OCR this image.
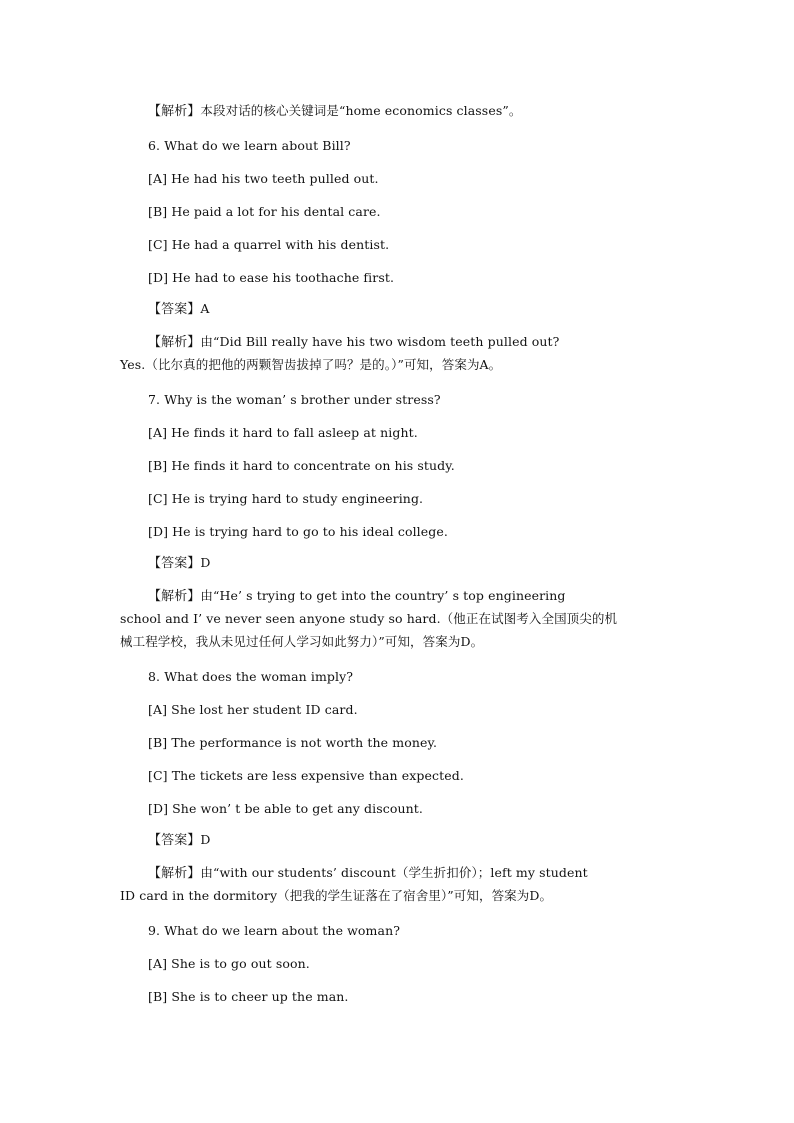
【解析】本段对话的核心关键词是“home economics classes”。
6. What do we learn about Bill?
[A] He had his two teeth pulled out.
[B] He paid a lot for his dental care.
[C] He had a quarrel with his dentist.
[D] He had to ease his toothache first.
【答案】A
【解析】由“Did Bill really have his two wisdom teeth pulled out?
Yes.（比尔真的把他的两颗智齿拔掉了吗？是的。）”可知，答案为A。
7. Why is the woman’ s brother under stress?
[A] He finds it hard to fall asleep at night.
[B] He finds it hard to concentrate on his study.
[C] He is trying hard to study engineering.
[D] He is trying hard to go to his ideal college.
【答案】D
【解析】由“He’ s trying to get into the country’ s top engineering
school and I’ ve never seen anyone study so hard.（他正在试图考入全国顶尖的机
械工程学校，我从未见过任何人学习如此努力）”可知，答案为D。
8. What does the woman imply?
[A] She lost her student ID card.
[B] The performance is not worth the money.
[C] The tickets are less expensive than expected.
[D] She won’ t be able to get any discount.
【答案】D
【解析】由“with our students’ discount（学生折扣价）；left my student
ID card in the dormitory（把我的学生证落在了宿舍里）”可知，答案为D。
9. What do we learn about the woman?
[A] She is to go out soon.
[B] She is to cheer up the man.
